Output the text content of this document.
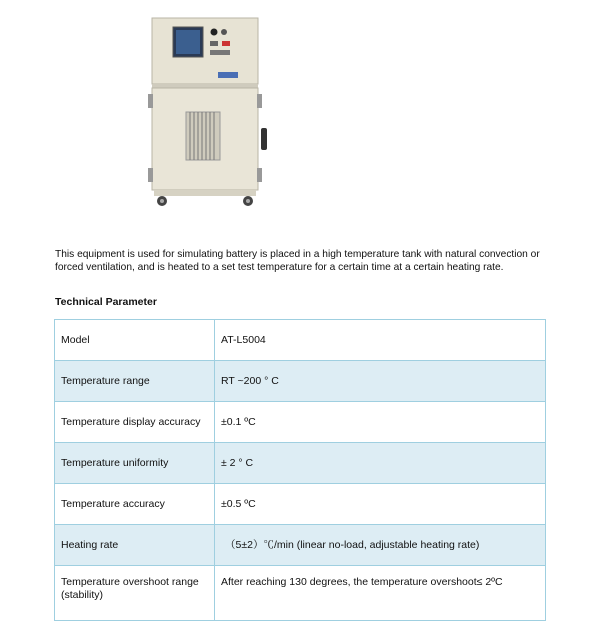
This equipment is used for simulating battery is placed in a high temperature tank with natural convection or forced ventilation, and is heated to a set test temperature for a certain time at a certain heating rate.
Technical Parameter
Model	AT-L5004
Temperature range	RT ~200 ° C
Temperature display accuracy	±0.1 ºC
Temperature uniformity	± 2 ° C
Temperature accuracy	±0.5 ºC
Heating rate	（5±2）℃/min (linear no-load, adjustable heating rate)
Temperature overshoot range (stability)	After reaching 130 degrees, the temperature overshoot≤ 2ºC
